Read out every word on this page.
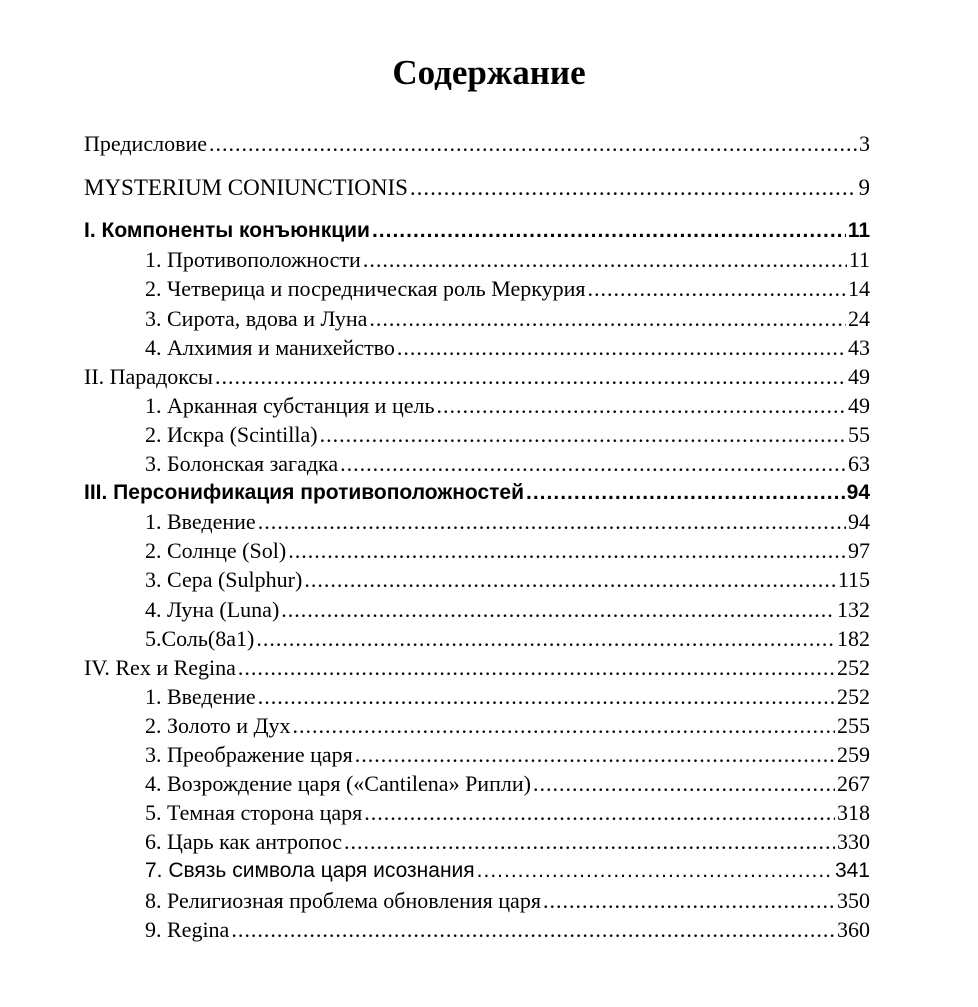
Содержание
Предисловие .....	3
MYSTERIUM CONIUNCTIONIS .....	9
I. Компоненты конъюнкции .....	11
1. Противоположности .....	11
2. Четверица и посредническая роль Меркурия .....	14
3. Сирота, вдова и Луна .....	24
4. Алхимия и манихейство .....	43
II. Парадоксы .....	49
1. Арканная субстанция и цель .....	49
2. Искра (Scintilla) .....	55
3. Болонская загадка .....	63
III. Персонификация противоположностей .....	94
1. Введение .....	94
2. Солнце (Sol) .....	97
3. Сера (Sulphur) .....	115
4. Луна (Luna) .....	132
5.Соль(8а1) .....	182
IV. Rex и Regina .....	252
1. Введение .....	252
2. Золото и Дух .....	255
3. Преображение царя .....	259
4. Возрождение царя («Cantilena» Рипли) .....	267
5. Темная сторона царя .....	318
6. Царь как антропос .....	330
7. Связь символа царя исознания .....	341
8. Религиозная проблема обновления царя .....	350
9. Regina .....	360
